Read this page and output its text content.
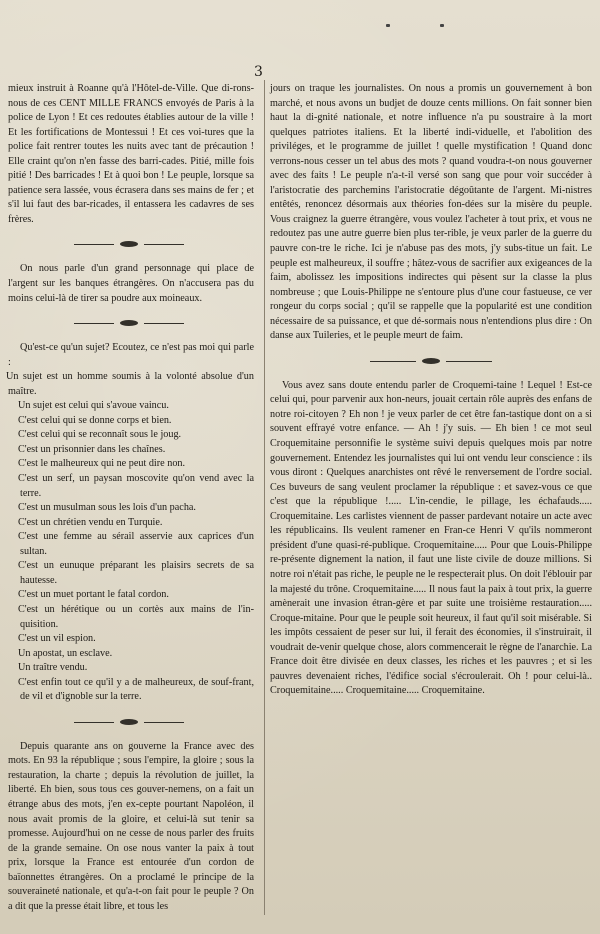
3

mieux instruit à Roanne qu'à l'Hôtel-de-Ville. Que di-rons-nous de ces CENT MILLE FRANCS envoyés de Paris à la police de Lyon ! Et ces redoutes établies autour de la ville ! Et les fortifications de Montessui ! Et ces voi-tures que la police fait rentrer toutes les nuits avec tant de précaution ! Elle craint qu'on n'en fasse des barri-cades. Pitié, mille fois pitié ! Des barricades ! Et à quoi bon ! Le peuple, lorsque sa patience sera lassée, vous écrasera dans ses mains de fer ; et s'il lui faut des bar-ricades, il entassera les cadavres de ses frères.

On nous parle d'un grand personnage qui place de l'argent sur les banques étrangères. On n'accusera pas du moins celui-là de tirer sa poudre aux moineaux.

Qu'est-ce qu'un sujet? Ecoutez, ce n'est pas moi qui parle :

Un sujet est un homme soumis à la volonté absolue d'un maître.

Un sujet est celui qui s'avoue vaincu.

C'est celui qui se donne corps et bien.

C'est celui qui se reconnaît sous le joug.

C'est un prisonnier dans les chaînes.

C'est le malheureux qui ne peut dire non.

C'est un serf, un paysan moscovite qu'on vend avec la terre.

C'est un musulman sous les lois d'un pacha.

C'est un chrétien vendu en Turquie.

C'est une femme au sérail asservie aux caprices d'un sultan.

C'est un eunuque préparant les plaisirs secrets de sa hautesse.

C'est un muet portant le fatal cordon.

C'est un hérétique ou un cortès aux mains de l'in-quisition.

C'est un vil espion.

Un apostat, un esclave.

Un traître vendu.

C'est enfin tout ce qu'il y a de malheureux, de souf-frant, de vil et d'ignoble sur la terre.

Depuis quarante ans on gouverne la France avec des mots. En 93 la république ; sous l'empire, la gloire ; sous la restauration, la charte ; depuis la révolution de juillet, la liberté. Eh bien, sous tous ces gouver-nemens, on a fait un étrange abus des mots, j'en ex-cepte pourtant Napoléon, il nous avait promis de la gloire, et celui-là sut tenir sa promesse. Aujourd'hui on ne cesse de nous parler des fruits de la grande semaine. On ose nous vanter la paix à tout prix, lorsque la France est entourée d'un cordon de baïonnettes étrangères. On a proclamé le principe de la souveraineté nationale, et qu'a-t-on fait pour le peuple ? On a dit que la presse était libre, et tous les

jours on traque les journalistes. On nous a promis un gouvernement à bon marché, et nous avons un budjet de douze cents millions. On fait sonner bien haut la di-gnité nationale, et notre influence n'a pu soustraire à la mort quelques patriotes italiens. Et la liberté indi-viduelle, et l'abolition des priviléges, et le programme de juillet ! quelle mystification ! Quand donc verrons-nous cesser un tel abus des mots ? quand voudra-t-on nous gouverner avec des faits ! Le peuple n'a-t-il versé son sang que pour voir succéder à l'aristocratie des parchemins l'aristocratie dégoûtante de l'argent. Mi-nistres entêtés, renoncez désormais aux théories fon-dées sur la misère du peuple. Vous craignez la guerre étrangère, vous voulez l'acheter à tout prix, et vous ne redoutez pas une autre guerre bien plus ter-rible, je veux parler de la guerre du pauvre con-tre le riche. Ici je n'abuse pas des mots, j'y subs-titue un fait. Le peuple est malheureux, il souffre ; hâtez-vous de sacrifier aux exigeances de la faim, abolissez les impositions indirectes qui pèsent sur la classe la plus nombreuse ; que Louis-Philippe ne s'entoure plus d'une cour fastueuse, ce ver rongeur du corps social ; qu'il se rappelle que la popularité est une condition nécessaire de sa puissance, et que dé-sormais nous n'entendions plus dire : On danse aux Tuileries, et le peuple meurt de faim.

Vous avez sans doute entendu parler de Croquemi-taine ! Lequel ! Est-ce celui qui, pour parvenir aux hon-neurs, jouait certain rôle auprès des enfans de notre roi-citoyen ? Eh non ! je veux parler de cet être fan-tastique dont on a si souvent effrayé votre enfance. — Ah ! j'y suis. — Eh bien ! ce mot seul Croquemitaine personnifie le système suivi depuis quelques mois par notre gouvernement. Entendez les journalistes qui lui ont vendu leur conscience : ils vous diront : Quelques anarchistes ont rêvé le renversement de l'ordre social. Ces buveurs de sang veulent proclamer la république : et savez-vous ce que c'est que la république !..... L'in-cendie, le pillage, les échafauds..... Croquemitaine. Les carlistes viennent de passer pardevant notaire un acte avec les républicains. Ils veulent ramener en Fran-ce Henri V qu'ils nommeront président d'une quasi-ré-publique. Croquemitaine..... Pour que Louis-Philippe re-présente dignement la nation, il faut une liste civile de douze millions. Si notre roi n'était pas riche, le peuple ne le respecterait plus. On doit l'éblouir par la majesté du trône. Croquemitaine..... Il nous faut la paix à tout prix, la guerre amènerait une invasion étran-gère et par suite une troisième restauration..... Croque-mitaine. Pour que le peuple soit heureux, il faut qu'il soit misérable. Si les impôts cessaient de peser sur lui, il ferait des économies, il s'instruirait, il voudrait de-venir quelque chose, alors commencerait le règne de l'anarchie. La France doit être divisée en deux classes, les riches et les pauvres ; et si les pauvres devenaient riches, l'édifice social s'écroulerait. Oh ! pour celui-là.. Croquemitaine..... Croquemitaine..... Croquemitaine.
